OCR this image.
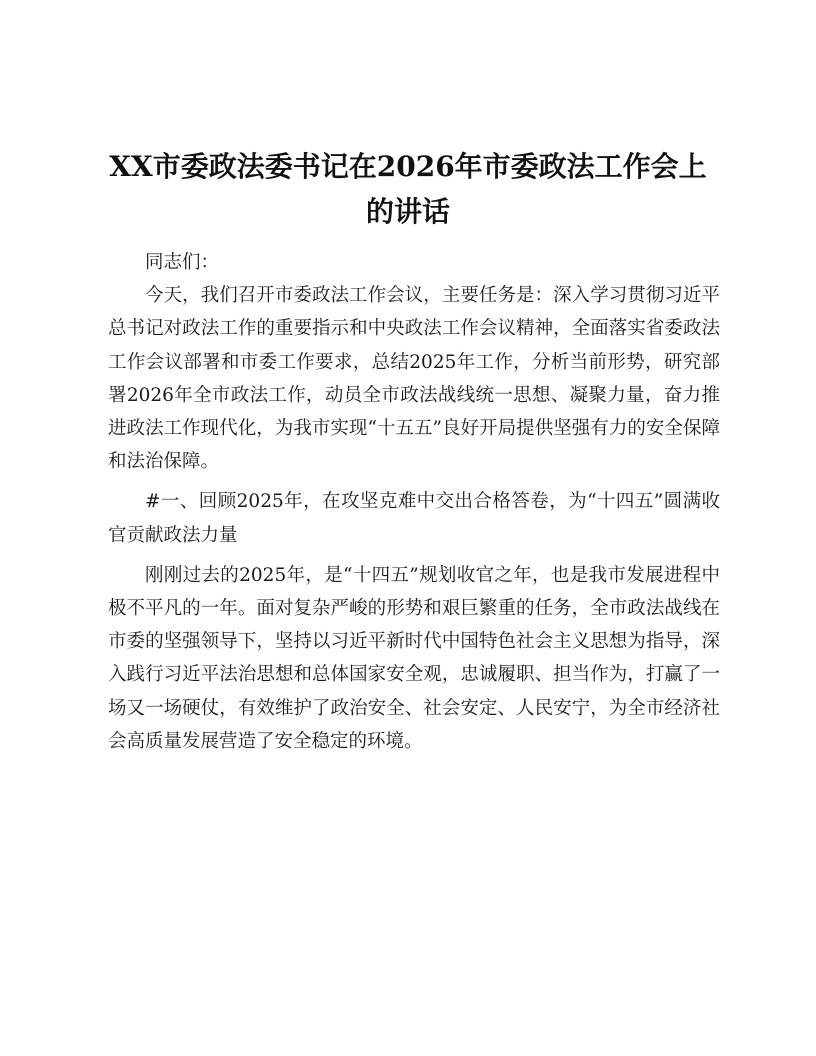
XX市委政法委书记在2026年市委政法工作会上的讲话

同志们：

今天，我们召开市委政法工作会议，主要任务是：深入学习贯彻习近平总书记对政法工作的重要指示和中央政法工作会议精神，全面落实省委政法工作会议部署和市委工作要求，总结2025年工作，分析当前形势，研究部署2026年全市政法工作，动员全市政法战线统一思想、凝聚力量，奋力推进政法工作现代化，为我市实现“十五五”良好开局提供坚强有力的安全保障和法治保障。

#一、回顾2025年，在攻坚克难中交出合格答卷，为“十四五”圆满收官贡献政法力量

刚刚过去的2025年，是“十四五”规划收官之年，也是我市发展进程中极不平凡的一年。面对复杂严峻的形势和艰巨繁重的任务，全市政法战线在市委的坚强领导下，坚持以习近平新时代中国特色社会主义思想为指导，深入践行习近平法治思想和总体国家安全观，忠诚履职、担当作为，打赢了一场又一场硬仗，有效维护了政治安全、社会安定、人民安宁，为全市经济社会高质量发展营造了安全稳定的环境。
